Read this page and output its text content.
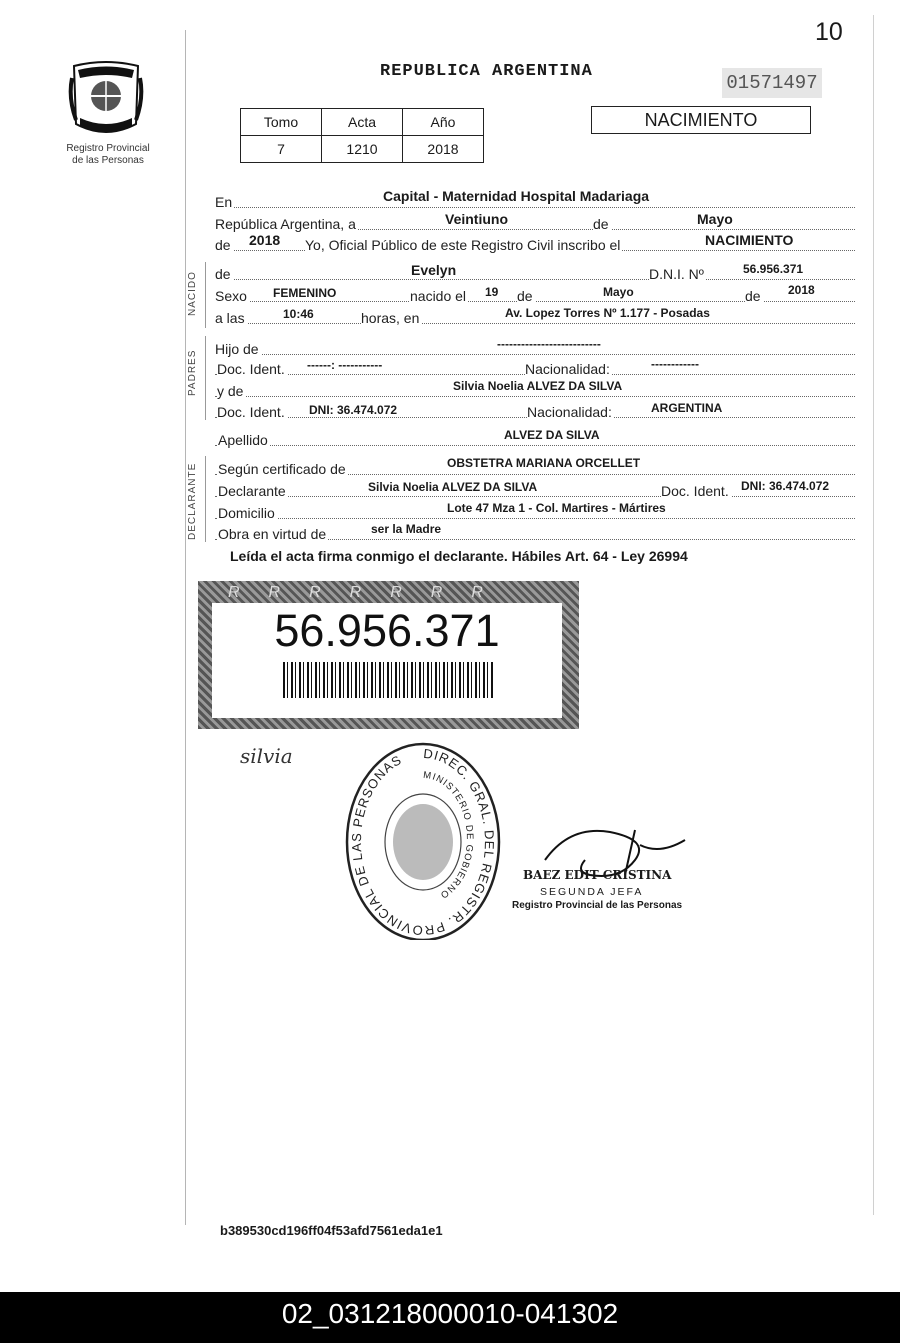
10
Registro Provincial
de las Personas
REPUBLICA ARGENTINA
01571497
Tomo	Acta	Año
7	1210	2018
NACIMIENTO
En	Capital - Maternidad Hospital Madariaga
República Argentina, a	Veintiuno	de	Mayo
de 2018 Yo, Oficial Público de este Registro Civil inscribo el	NACIMIENTO
NACIDO de	Evelyn	D.N.I. Nº	56.956.371
Sexo FEMENINO	nacido el 19 de	Mayo	de 2018
a las	10:46	horas, en	Av. Lopez Torres Nº 1.177 - Posadas
PADRES
Hijo de	--------------------------
Doc. Ident. ------: -----------	Nacionalidad:	------------
y de	Silvia Noelia ALVEZ DA SILVA
Doc. Ident. DNI: 36.474.072	Nacionalidad:	ARGENTINA
Apellido	ALVEZ DA SILVA
DECLARANTE Según certificado de	OBSTETRA MARIANA ORCELLET
Declarante	Silvia Noelia ALVEZ DA SILVA	Doc. Ident. DNI: 36.474.072
Domicilio	Lote 47 Mza 1 - Col. Martires - Mártires
Obra en virtud de	ser la Madre
Leída el acta firma conmigo el declarante. Hábiles Art. 64 - Ley 26994
RRRRRRR
56.956.371
silvia	DIREC. GRAL. DEL REGISTR. PROVINCIAL DE LAS PERSONAS
MINISTERIO DE GOBIERNO
BAEZ EDIT CRISTINA
SEGUNDA JEFA
Registro Provincial de las Personas
b389530cd196ff04f53afd7561eda1e1
02_031218000010-041302
